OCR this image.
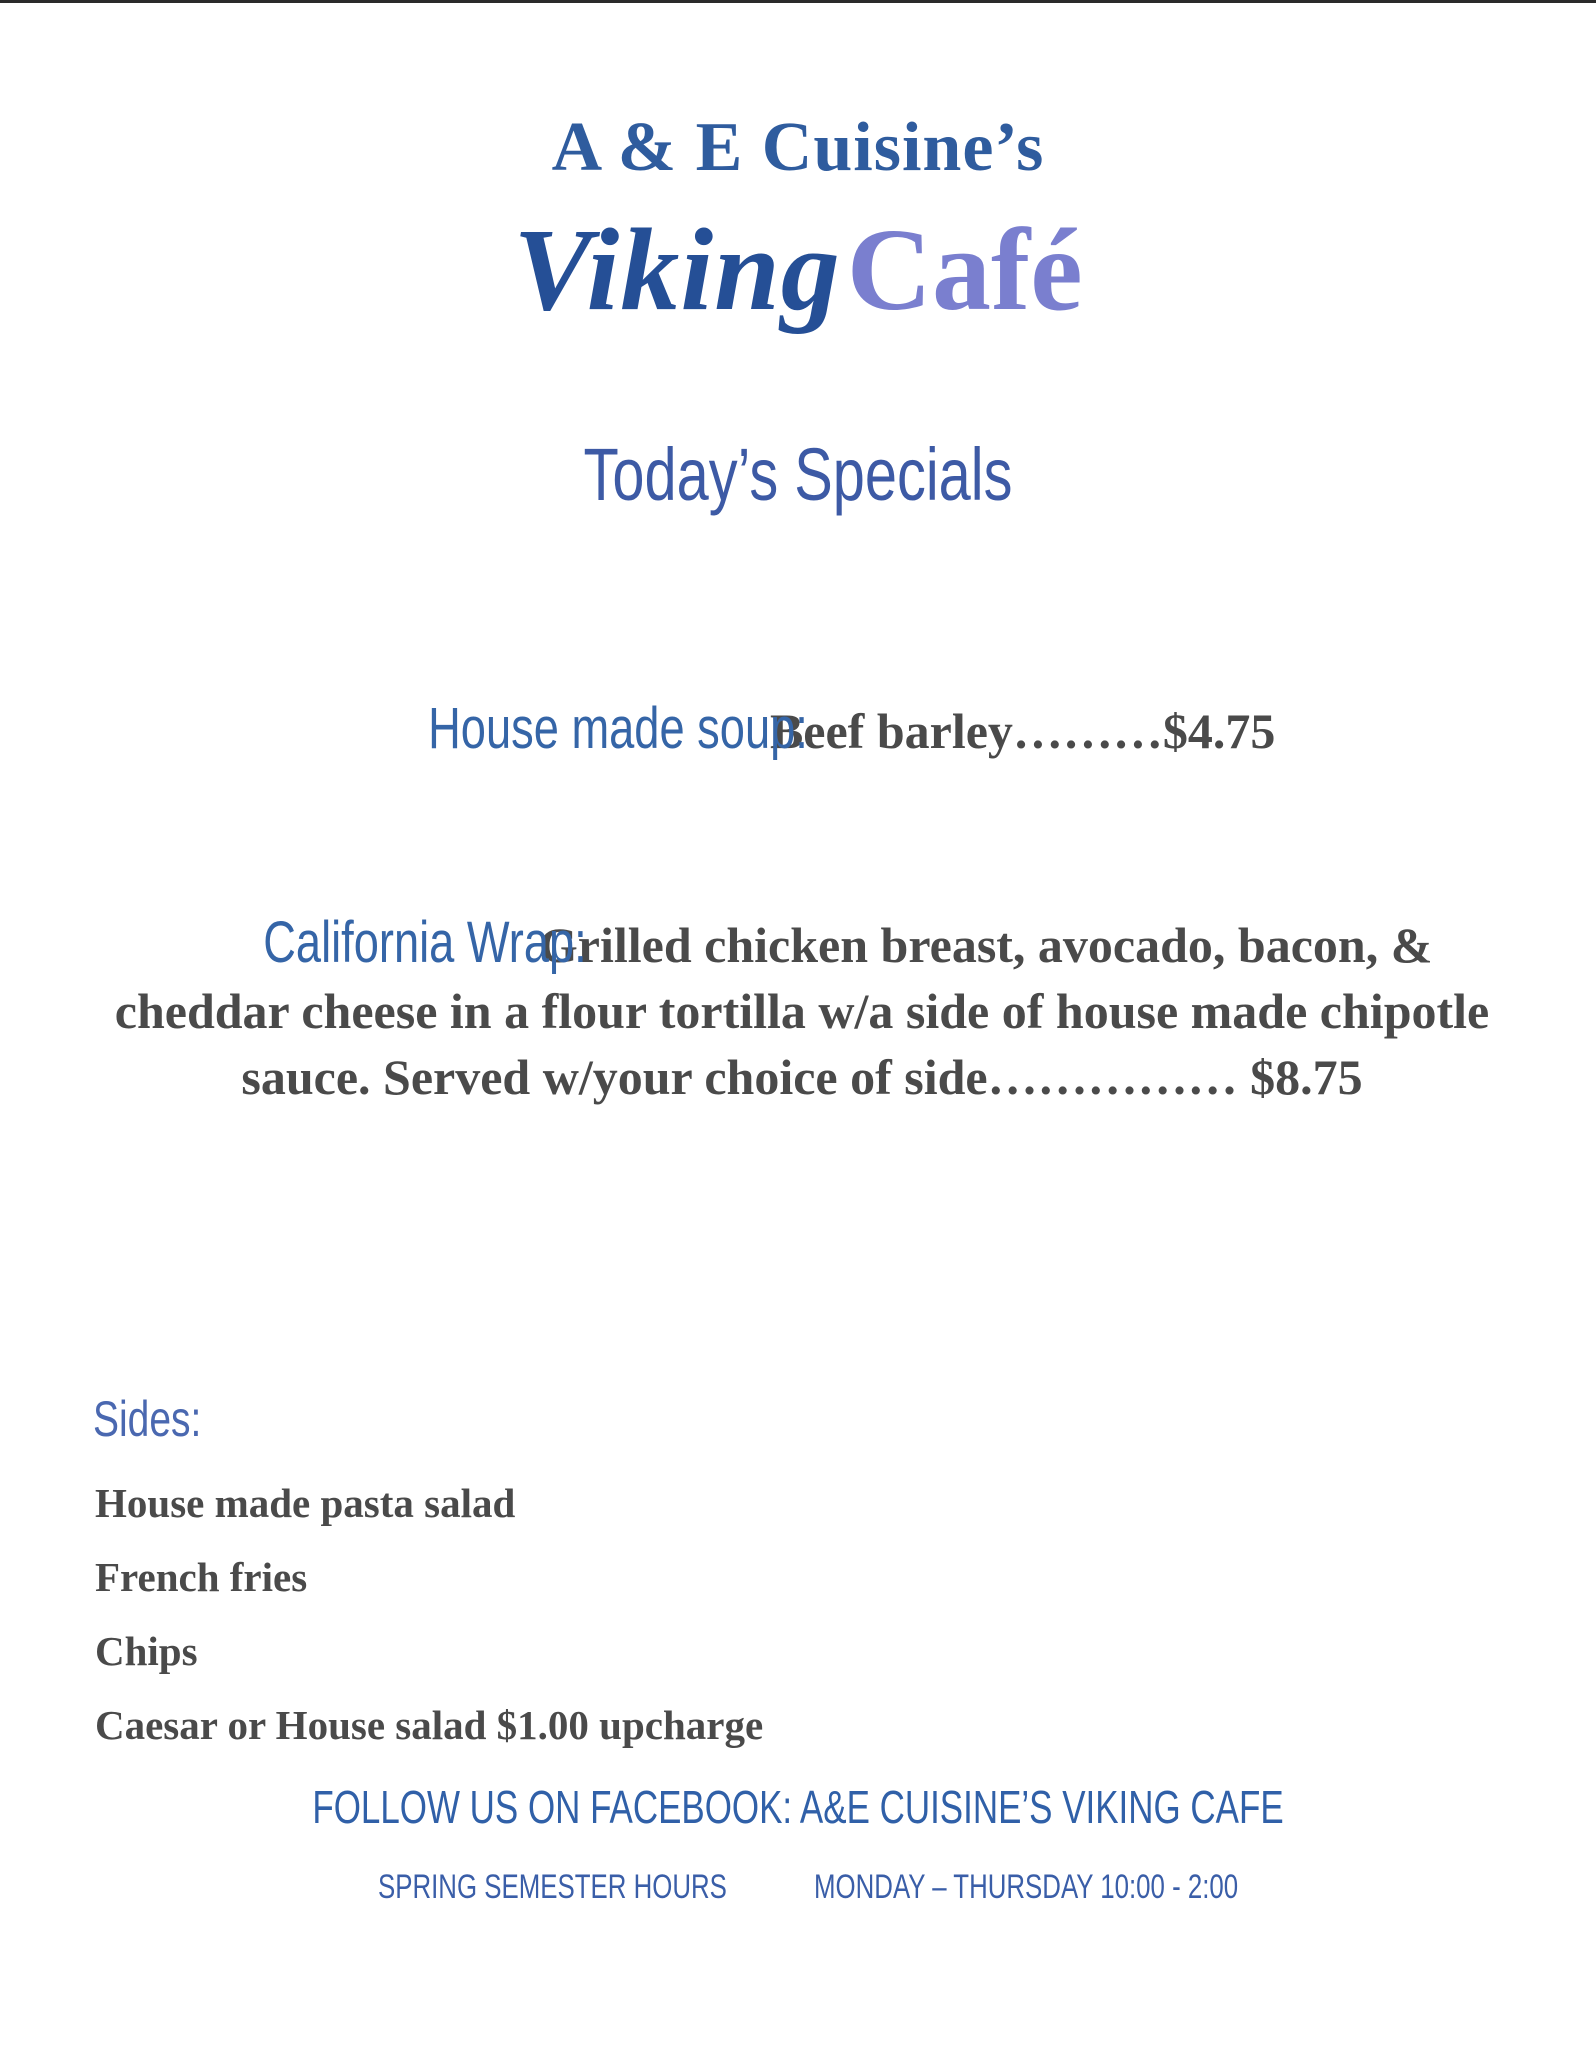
A & E Cuisine’s
VikingCafé
Today’s Specials
House made soup: Beef barley………$4.75
California Wrap: Grilled chicken breast, avocado, bacon, & cheddar cheese in a flour tortilla w/a side of house made chipotle sauce. Served w/your choice of side…………… $8.75
Sides:
House made pasta salad
French fries
Chips
Caesar or House salad $1.00 upcharge
FOLLOW US ON FACEBOOK: A&E CUISINE’S VIKING CAFE
SPRING SEMESTER HOURS	MONDAY – THURSDAY 10:00 - 2:00
